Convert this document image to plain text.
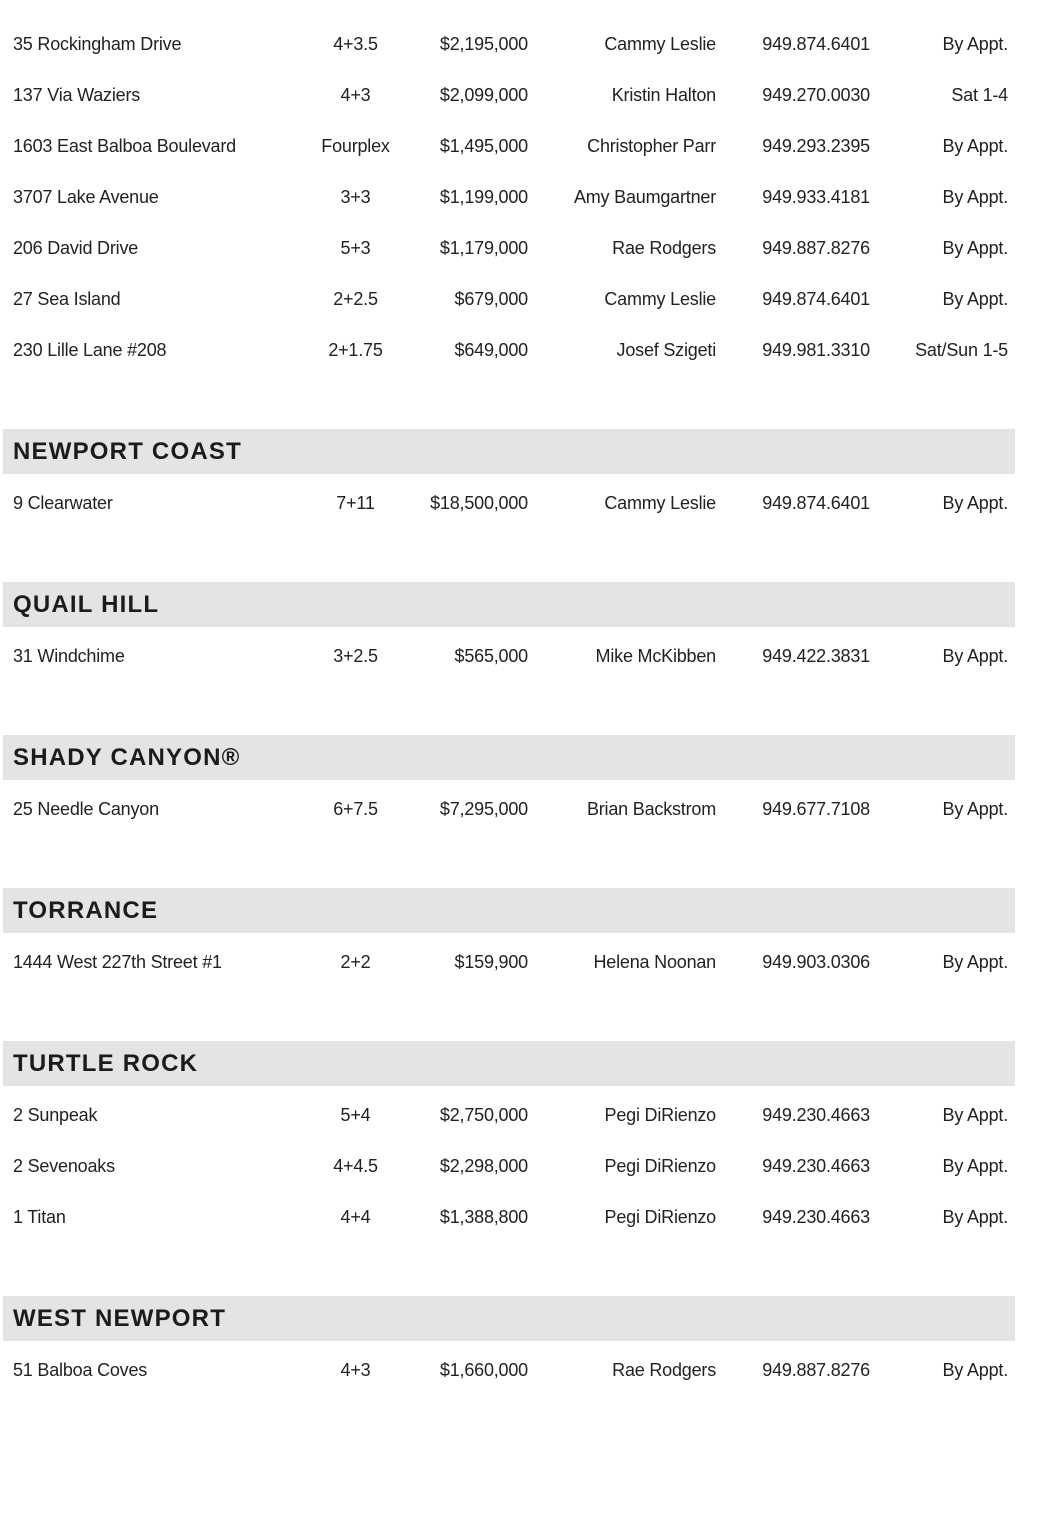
35 Rockingham Drive	4+3.5	$2,195,000	Cammy Leslie	949.874.6401	By Appt.
137 Via Waziers	4+3	$2,099,000	Kristin Halton	949.270.0030	Sat 1-4
1603 East Balboa Boulevard	Fourplex	$1,495,000	Christopher Parr	949.293.2395	By Appt.
3707 Lake Avenue	3+3	$1,199,000	Amy Baumgartner	949.933.4181	By Appt.
206 David Drive	5+3	$1,179,000	Rae Rodgers	949.887.8276	By Appt.
27 Sea Island	2+2.5	$679,000	Cammy Leslie	949.874.6401	By Appt.
230 Lille Lane #208	2+1.75	$649,000	Josef Szigeti	949.981.3310	Sat/Sun 1-5
NEWPORT COAST
9 Clearwater	7+11	$18,500,000	Cammy Leslie	949.874.6401	By Appt.
QUAIL HILL
31 Windchime	3+2.5	$565,000	Mike McKibben	949.422.3831	By Appt.
SHADY CANYON®
25 Needle Canyon	6+7.5	$7,295,000	Brian Backstrom	949.677.7108	By Appt.
TORRANCE
1444 West 227th Street #1	2+2	$159,900	Helena Noonan	949.903.0306	By Appt.
TURTLE ROCK
2 Sunpeak	5+4	$2,750,000	Pegi DiRienzo	949.230.4663	By Appt.
2 Sevenoaks	4+4.5	$2,298,000	Pegi DiRienzo	949.230.4663	By Appt.
1 Titan	4+4	$1,388,800	Pegi DiRienzo	949.230.4663	By Appt.
WEST NEWPORT
51 Balboa Coves	4+3	$1,660,000	Rae Rodgers	949.887.8276	By Appt.
